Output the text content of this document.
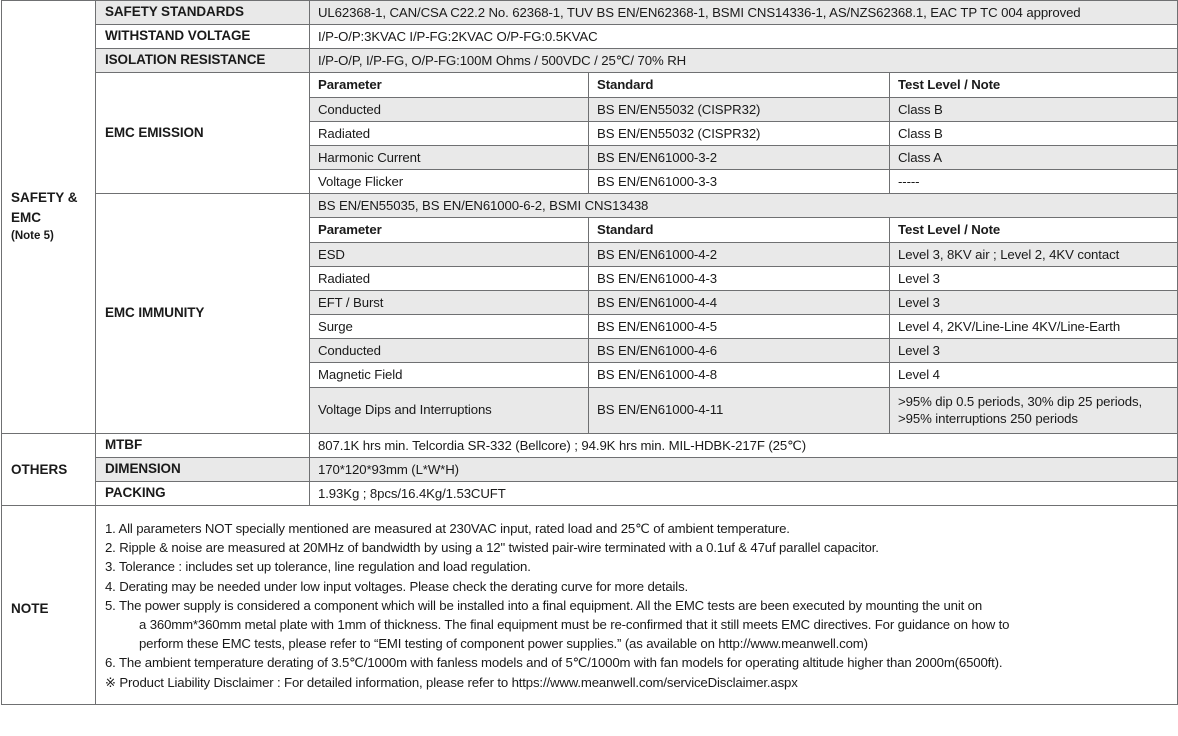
SAFETY &
EMC
(Note 5)	SAFETY STANDARDS	UL62368-1, CAN/CSA C22.2 No. 62368-1, TUV BS EN/EN62368-1, BSMI CNS14336-1, AS/NZS62368.1, EAC TP TC 004 approved		

	WITHSTAND VOLTAGE	I/P-O/P:3KVAC I/P-FG:2KVAC O/P-FG:0.5KVAC		

	ISOLATION RESISTANCE	I/P-O/P, I/P-FG, O/P-FG:100M Ohms / 500VDC / 25℃/ 70% RH		

	EMC EMISSION	Parameter	Standard	Test Level / Note

		Conducted	BS EN/EN55032 (CISPR32)	Class B

		Radiated	BS EN/EN55032 (CISPR32)	Class B

		Harmonic Current	BS EN/EN61000-3-2	Class A

		Voltage Flicker	BS EN/EN61000-3-3	-----

	EMC IMMUNITY	BS EN/EN55035, BS EN/EN61000-6-2, BSMI CNS13438		

		Parameter	Standard	Test Level / Note

		ESD	BS EN/EN61000-4-2	Level 3, 8KV air ; Level 2, 4KV contact

		Radiated	BS EN/EN61000-4-3	Level 3

		EFT / Burst	BS EN/EN61000-4-4	Level 3

		Surge	BS EN/EN61000-4-5	Level 4, 2KV/Line-Line 4KV/Line-Earth

		Conducted	BS EN/EN61000-4-6	Level 3

		Magnetic Field	BS EN/EN61000-4-8	Level 4

		Voltage Dips and Interruptions	BS EN/EN61000-4-11	>95% dip 0.5 periods, 30% dip 25 periods,
>95% interruptions 250 periods

OTHERS	MTBF	807.1K hrs min. Telcordia SR-332 (Bellcore) ; 94.9K hrs min. MIL-HDBK-217F (25℃)		

	DIMENSION	170*120*93mm (L*W*H)		

	PACKING	1.93Kg ; 8pcs/16.4Kg/1.53CUFT		

NOTE

1. All parameters NOT specially mentioned are measured at 230VAC input, rated load and 25℃ of ambient temperature.
2. Ripple & noise are measured at 20MHz of bandwidth by using a 12" twisted pair-wire terminated with a 0.1uf & 47uf parallel capacitor.
3. Tolerance : includes set up tolerance, line regulation and load regulation.
4. Derating may be needed under low input voltages. Please check the derating curve for more details.
5. The power supply is considered a component which will be installed into a final equipment. All the EMC tests are been executed by mounting the unit on
a 360mm*360mm metal plate with 1mm of thickness. The final equipment must be re-confirmed that it still meets EMC directives. For guidance on how to
perform these EMC tests, please refer to “EMI testing of component power supplies.” (as available on http://www.meanwell.com)
6. The ambient temperature derating of 3.5℃/1000m with fanless models and of 5℃/1000m with fan models for operating altitude higher than 2000m(6500ft).
※ Product Liability Disclaimer : For detailed information, please refer to https://www.meanwell.com/serviceDisclaimer.aspx
